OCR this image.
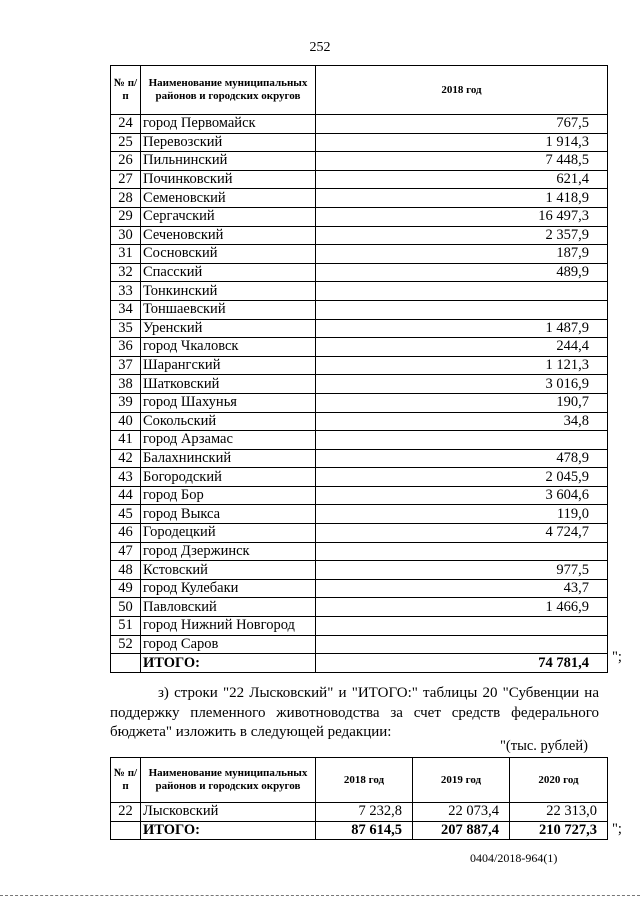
252
№ п/п	Наименование муниципальных районов и городских округов	2018 год
24	город Первомайск	767,5
25	Перевозский	1 914,3
26	Пильнинский	7 448,5
27	Починковский	621,4
28	Семеновский	1 418,9
29	Сергачский	16 497,3
30	Сеченовский	2 357,9
31	Сосновский	187,9
32	Спасский	489,9
33	Тонкинский	
34	Тоншаевский	
35	Уренский	1 487,9
36	город Чкаловск	244,4
37	Шарангский	1 121,3
38	Шатковский	3 016,9
39	город Шахунья	190,7
40	Сокольский	34,8
41	город Арзамас	
42	Балахнинский	478,9
43	Богородский	2 045,9
44	город Бор	3 604,6
45	город Выкса	119,0
46	Городецкий	4 724,7
47	город Дзержинск	
48	Кстовский	977,5
49	город Кулебаки	43,7
50	Павловский	1 466,9
51	город Нижний Новгород	
52	город Саров	
	ИТОГО:	74 781,4 ";
з) строки "22 Лысковский" и "ИТОГО:" таблицы 20 "Субвенции на
поддержку племенного животноводства за счет средств федерального
бюджета" изложить в следующей редакции:
"(тыс. рублей)
№ п/п	Наименование муниципальных районов и городских округов	2018 год	2019 год	2020 год
22	Лысковский	7 232,8	22 073,4	22 313,0
	ИТОГО:	87 614,5	207 887,4	210 727,3 ";
0404/2018-964(1)
